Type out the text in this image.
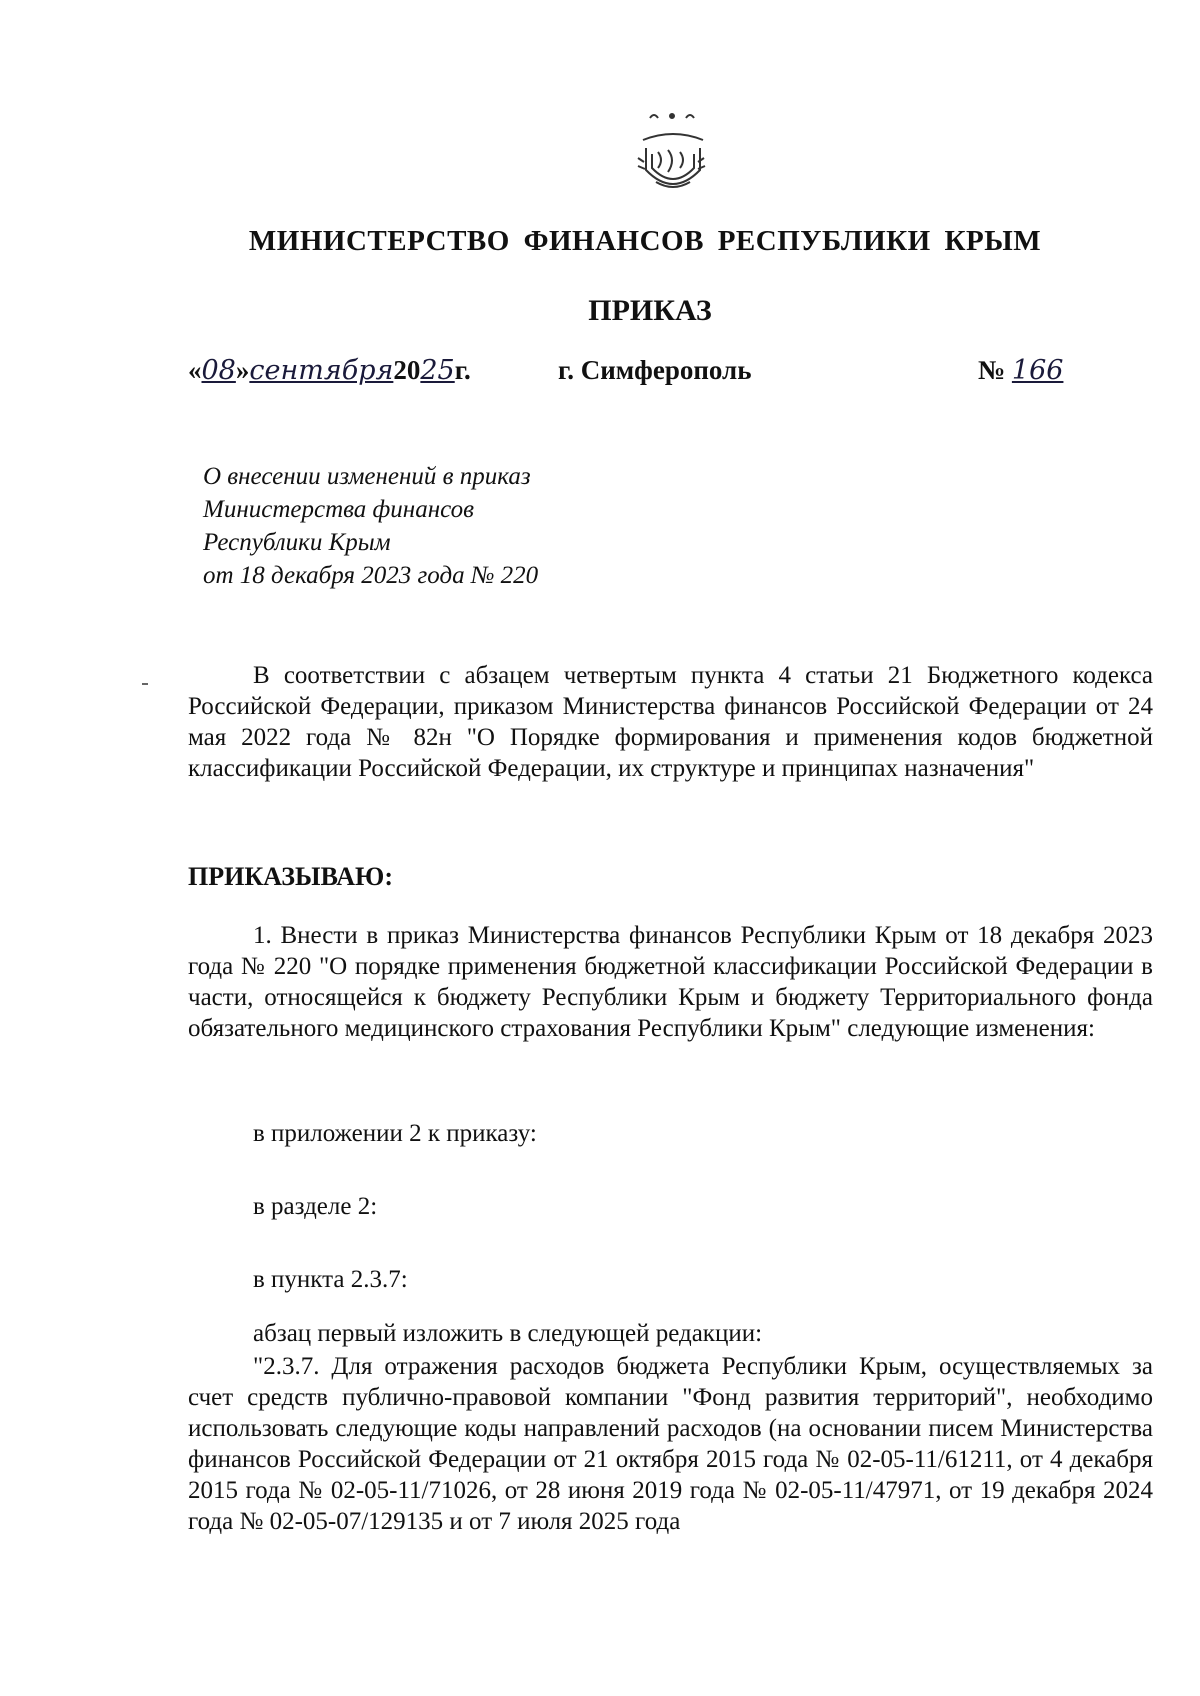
МИНИСТЕРСТВО ФИНАНСОВ РЕСПУБЛИКИ КРЫМ
ПРИКАЗ
«08»сентября2025г.	г. Симферополь	№ 166
О внесении изменений в приказ
Министерства финансов
Республики Крым
от 18 декабря 2023 года № 220
В соответствии с абзацем четвертым пункта 4 статьи 21 Бюджетного кодекса Российской Федерации, приказом Министерства финансов Российской Федерации от 24 мая 2022 года № 82н "О Порядке формирования и применения кодов бюджетной классификации Российской Федерации, их структуре и принципах назначения"
ПРИКАЗЫВАЮ:
1. Внести в приказ Министерства финансов Республики Крым от 18 декабря 2023 года № 220 "О порядке применения бюджетной классификации Российской Федерации в части, относящейся к бюджету Республики Крым и бюджету Территориального фонда обязательного медицинского страхования Республики Крым" следующие изменения:
в приложении 2 к приказу:
в разделе 2:
в пункта 2.3.7:
абзац первый изложить в следующей редакции:
"2.3.7. Для отражения расходов бюджета Республики Крым, осуществляемых за счет средств публично-правовой компании "Фонд развития территорий", необходимо использовать следующие коды направлений расходов (на основании писем Министерства финансов Российской Федерации от 21 октября 2015 года № 02-05-11/61211, от 4 декабря 2015 года № 02-05-11/71026, от 28 июня 2019 года № 02-05-11/47971, от 19 декабря 2024 года № 02-05-07/129135 и от 7 июля 2025 года
